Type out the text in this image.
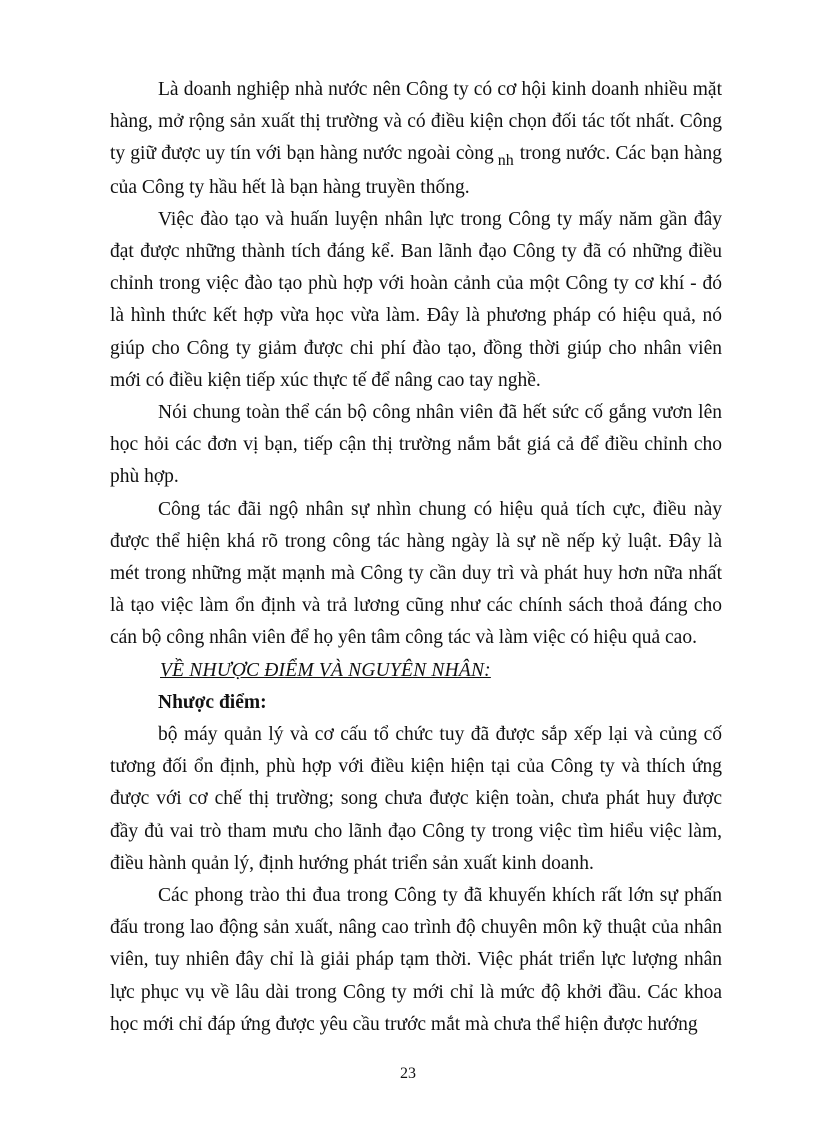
Là doanh nghiệp nhà nước nên Công ty có cơ hội kinh doanh nhiều mặt hàng, mở rộng sản xuất thị trường và có điều kiện chọn đối tác tốt nhất. Công ty giữ được uy tín với bạn hàng nước ngoài còng $_{nh}$ trong nước. Các bạn hàng của Công ty hầu hết là bạn hàng truyền thống.

Việc đào tạo và huấn luyện nhân lực trong Công ty mấy năm gần đây đạt được những thành tích đáng kể. Ban lãnh đạo Công ty đã có những điều chỉnh trong việc đào tạo phù hợp với hoàn cảnh của một Công ty cơ khí - đó là hình thức kết hợp vừa học vừa làm. Đây là phương pháp có hiệu quả, nó giúp cho Công ty giảm được chi phí đào tạo, đồng thời giúp cho nhân viên mới có điều kiện tiếp xúc thực tế để nâng cao tay nghề.

Nói chung toàn thể cán bộ công nhân viên đã hết sức cố gắng vươn lên học hỏi các đơn vị bạn, tiếp cận thị trường nắm bắt giá cả để điều chỉnh cho phù hợp.

Công tác đãi ngộ nhân sự nhìn chung có hiệu quả tích cực, điều này được thể hiện khá rõ trong công tác hàng ngày là sự nề nếp kỷ luật. Đây là mét trong những mặt mạnh mà Công ty cần duy trì và phát huy hơn nữa nhất là tạo việc làm ổn định và trả lương cũng như các chính sách thoả đáng cho cán bộ công nhân viên để họ yên tâm công tác và làm việc có hiệu quả cao.

VỀ NHƯỢC ĐIỂM VÀ NGUYÊN NHÂN:

Nhược điểm:

bộ máy quản lý và cơ cấu tổ chức tuy đã được sắp xếp lại và củng cố tương đối ổn định, phù hợp với điều kiện hiện tại của Công ty và thích ứng được với cơ chế thị trường; song chưa được kiện toàn, chưa phát huy được đầy đủ vai trò tham mưu cho lãnh đạo Công ty trong việc tìm hiểu việc làm, điều hành quản lý, định hướng phát triển sản xuất kinh doanh.

Các phong trào thi đua trong Công ty đã khuyến khích rất lớn sự phấn đấu trong lao động sản xuất, nâng cao trình độ chuyên môn kỹ thuật của nhân viên, tuy nhiên đây chỉ là giải pháp tạm thời. Việc phát triển lực lượng nhân lực phục vụ về lâu dài trong Công ty mới chỉ là mức độ khởi đầu. Các khoa học mới chỉ đáp ứng được yêu cầu trước mắt mà chưa thể hiện được hướng

23
